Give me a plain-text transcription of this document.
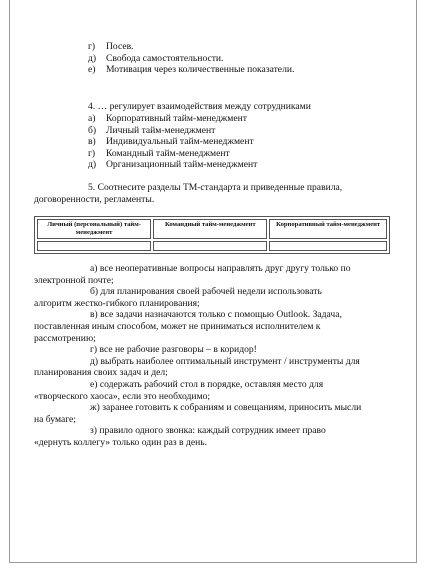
г) Посев.
д) Свобода самостоятельности.
е) Мотивация через количественные показатели.
4. … регулирует взаимодействия между сотрудниками
а) Корпоративный тайм-менеджмент
б) Личный тайм-менеджмент
в) Индивидуальный тайм-менеджмент
г) Командный тайм-менеджмент
д) Организационный тайм-менеджмент
5. Соотнесите разделы ТМ-стандарта и приведенные правила,
договоренности, регламенты.
Личный (персональный) тайм-менеджмент	Командный тайм-менеджмент	Корпоративный тайм-менеджмент

а) все неоперативные вопросы направлять друг другу только по

электронной почте;

б) для планирования своей рабочей недели использовать

алгоритм жестко-гибкого планирования;

в) все задачи назначаются только с помощью Outlook. Задача,

поставленная иным способом, может не приниматься исполнителем к

рассмотрению;

г) все не рабочие разговоры – в коридор!

д) выбрать наиболее оптимальный инструмент / инструменты для

планирования своих задач и дел;

е) содержать рабочий стол в порядке, оставляя место для

«творческого хаоса», если это необходимо;

ж) заранее готовить к собраниям и совещаниям, приносить мысли

на бумаге;

з) правило одного звонка: каждый сотрудник имеет право

«дернуть коллегу» только один раз в день.
